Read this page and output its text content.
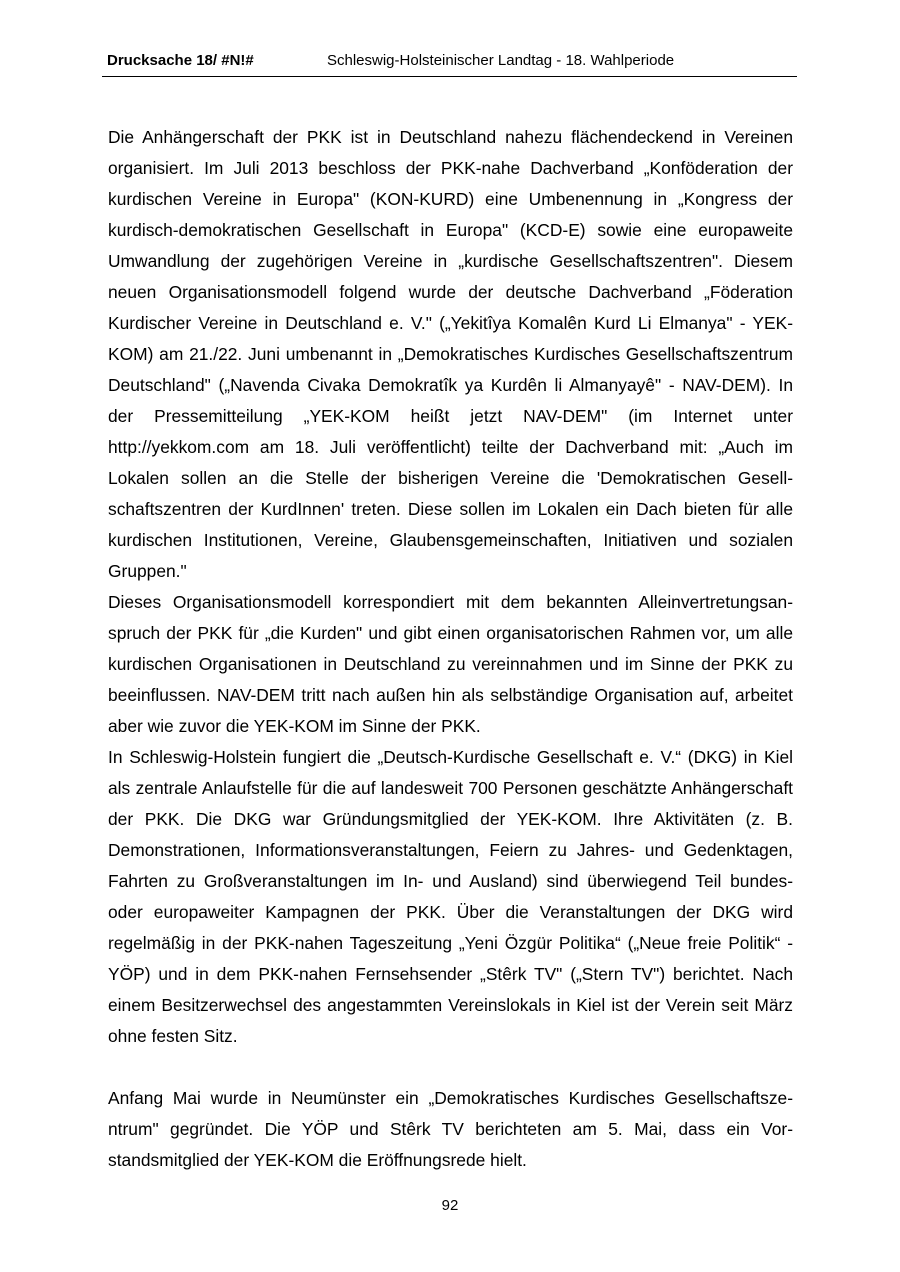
Drucksache 18/ #N!#	Schleswig-Holsteinischer Landtag - 18. Wahlperiode

Die Anhängerschaft der PKK ist in Deutschland nahezu flächendeckend in Vereinen organisiert. Im Juli 2013 beschloss der PKK-nahe Dachverband „Konföderation der kurdischen Vereine in Europa" (KON-KURD) eine Umbenennung in „Kongress der kurdisch-demokratischen Gesellschaft in Europa" (KCD-E) sowie eine europaweite Umwandlung der zugehörigen Vereine in „kurdische Gesellschaftszentren". Diesem neuen Organisationsmodell folgend wurde der deutsche Dachverband „Föderation Kurdischer Vereine in Deutschland e. V." („Yekitîya Komalên Kurd Li Elmanya" - YEK-KOM) am 21./22. Juni umbenannt in „Demokratisches Kurdisches Gesellschaftszentrum Deutschland" („Navenda Civaka Demokratîk ya Kurdên li Almanyayê" - NAV-DEM). In der Pressemitteilung „YEK-KOM heißt jetzt NAV-DEM" (im Internet unter http://yekkom.com am 18. Juli veröffentlicht) teilte der Dachverband mit: „Auch im Lokalen sollen an die Stelle der bisherigen Vereine die 'Demokratischen Gesellschaftszentren der KurdInnen' treten. Diese sollen im Lokalen ein Dach bieten für alle kurdischen Institutionen, Vereine, Glaubensgemeinschaften, Initiativen und sozialen Gruppen."

Dieses Organisationsmodell korrespondiert mit dem bekannten Alleinvertretungsanspruch der PKK für „die Kurden" und gibt einen organisatorischen Rahmen vor, um alle kurdischen Organisationen in Deutschland zu vereinnahmen und im Sinne der PKK zu beeinflussen. NAV-DEM tritt nach außen hin als selbständige Organisation auf, arbeitet aber wie zuvor die YEK-KOM im Sinne der PKK.

In Schleswig-Holstein fungiert die „Deutsch-Kurdische Gesellschaft e. V.“ (DKG) in Kiel als zentrale Anlaufstelle für die auf landesweit 700 Personen geschätzte Anhängerschaft der PKK. Die DKG war Gründungsmitglied der YEK-KOM. Ihre Aktivitäten (z. B. Demonstrationen, Informationsveranstaltungen, Feiern zu Jahres- und Gedenktagen, Fahrten zu Großveranstaltungen im In- und Ausland) sind überwiegend Teil bundes- oder europaweiter Kampagnen der PKK. Über die Veranstaltungen der DKG wird regelmäßig in der PKK-nahen Tageszeitung „Yeni Özgür Politika“ („Neue freie Politik“ - YÖP) und in dem PKK-nahen Fernsehsender „Stêrk TV" („Stern TV") berichtet. Nach einem Besitzerwechsel des angestammten Vereinslokals in Kiel ist der Verein seit März ohne festen Sitz.

Anfang Mai wurde in Neumünster ein „Demokratisches Kurdisches Gesellschaftszentrum" gegründet. Die YÖP und Stêrk TV berichteten am 5. Mai, dass ein Vorstandsmitglied der YEK-KOM die Eröffnungsrede hielt.

92
